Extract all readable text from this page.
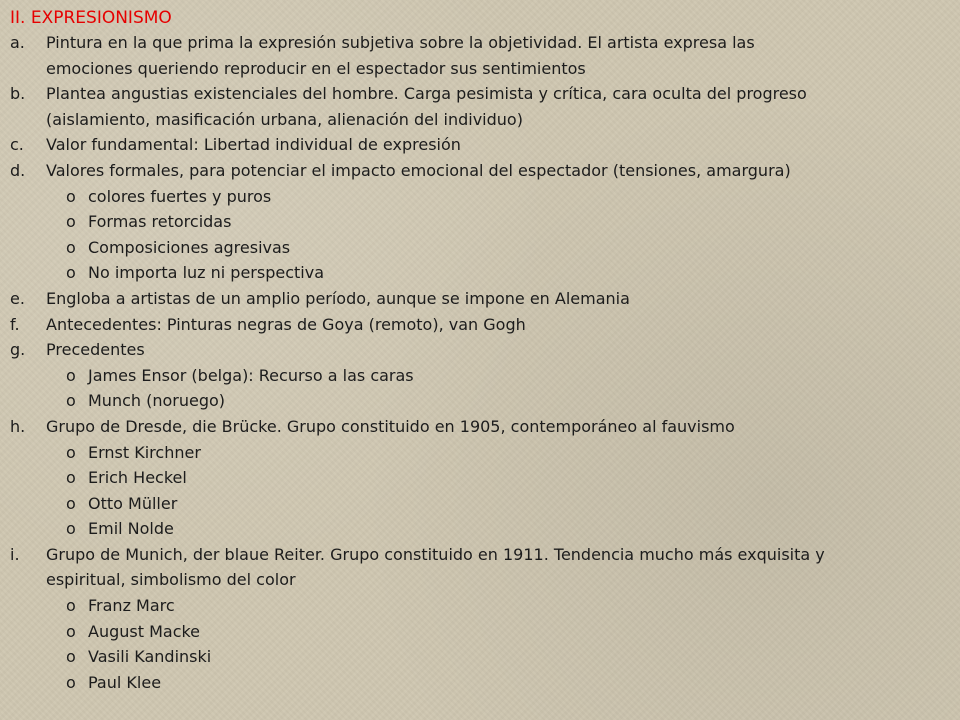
II. EXPRESIONISMO
a.	Pintura en la que prima la expresión subjetiva sobre la objetividad. El artista expresa las
emociones queriendo reproducir en el espectador sus sentimientos
b.	Plantea angustias existenciales del hombre. Carga pesimista y crítica, cara oculta del progreso
(aislamiento, masificación urbana, alienación del individuo)
c.	Valor fundamental: Libertad individual de expresión
d.	Valores formales, para potenciar el impacto emocional del espectador (tensiones, amargura)
o colores fuertes y puros
o Formas retorcidas
o Composiciones agresivas
o No importa luz ni perspectiva
e.	Engloba a artistas de un amplio período, aunque se impone en Alemania
f.	Antecedentes: Pinturas negras de Goya (remoto), van Gogh
g.	Precedentes
o James Ensor (belga): Recurso a las caras
o Munch (noruego)
h.	Grupo de Dresde, die Brücke. Grupo constituido en 1905, contemporáneo al fauvismo
o Ernst Kirchner
o Erich Heckel
o Otto Müller
o Emil Nolde
i.	Grupo de Munich, der blaue Reiter. Grupo constituido en 1911. Tendencia mucho más exquisita y
espiritual, simbolismo del color
o Franz Marc
o August Macke
o Vasili Kandinski
o Paul Klee
